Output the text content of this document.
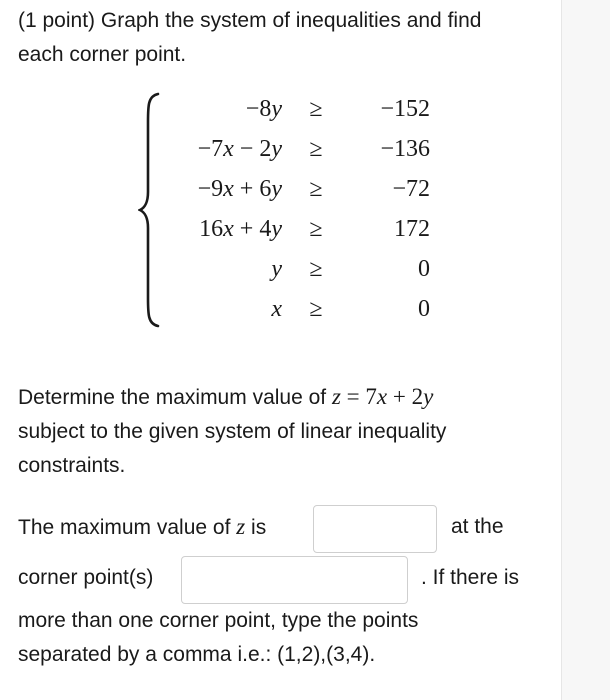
(1 point) Graph the system of inequalities and find
each corner point.

−8y ≥ −152
−7x − 2y ≥ −136
−9x + 6y ≥	−72
16x + 4y ≥	172
y ≥	0
x ≥	0

Determine the maximum value of z = 7x + 2y
subject to the given system of linear inequality
constraints.

The maximum value of z is	at the
corner point(s)	. If there is

more than one corner point, type the points
separated by a comma i.e.: (1,2),(3,4).
